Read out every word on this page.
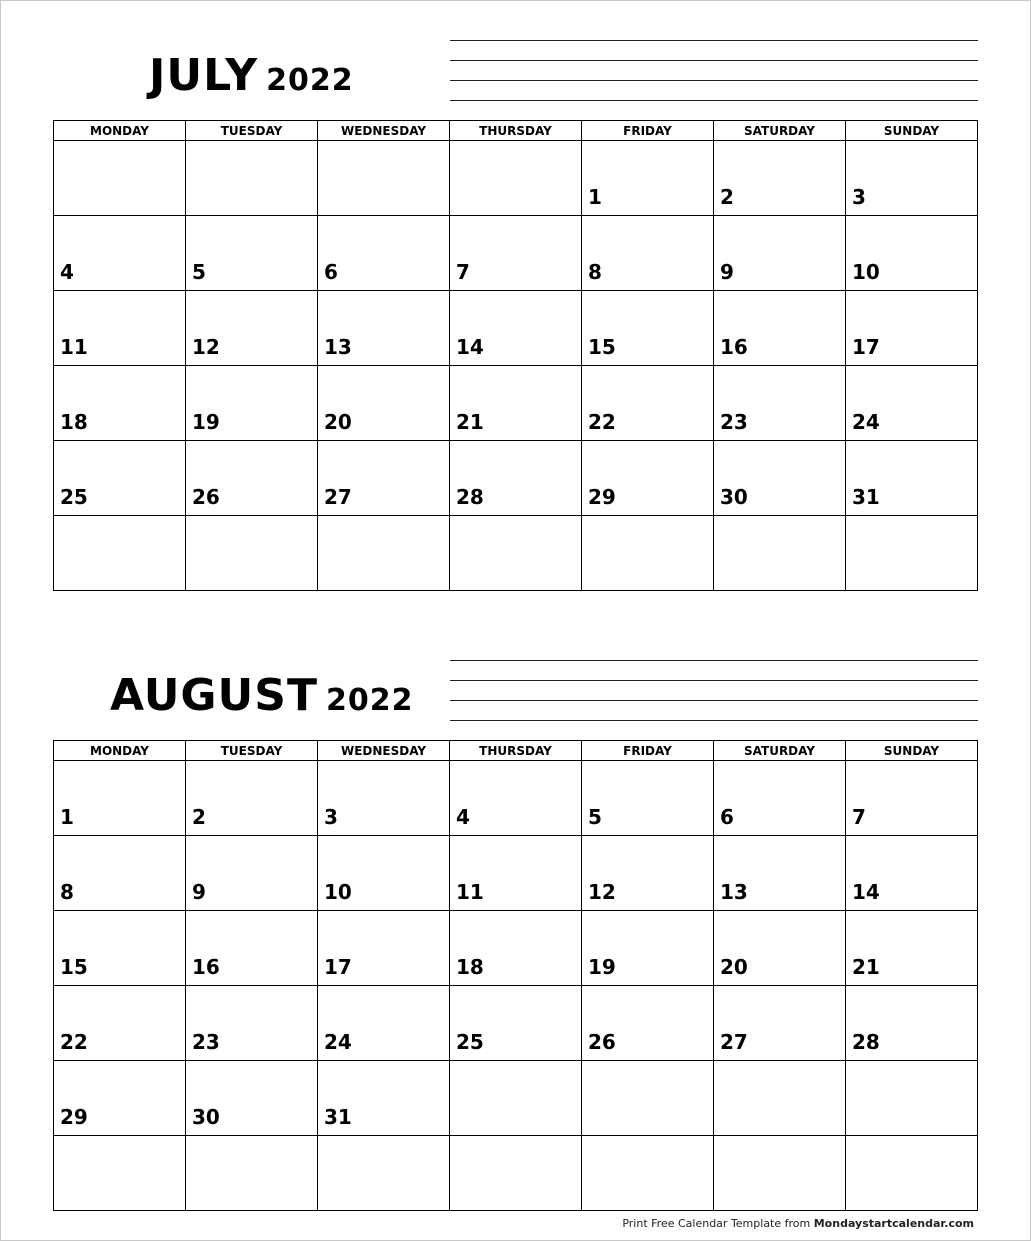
JULY 2022
MONDAY	TUESDAY	WEDNESDAY	THURSDAY	FRIDAY	SATURDAY	SUNDAY
				1	2	3
4	5	6	7	8	9	10
11	12	13	14	15	16	17
18	19	20	21	22	23	24
25	26	27	28	29	30	31

AUGUST 2022
MONDAY	TUESDAY	WEDNESDAY	THURSDAY	FRIDAY	SATURDAY	SUNDAY
1	2	3	4	5	6	7
8	9	10	11	12	13	14
15	16	17	18	19	20	21
22	23	24	25	26	27	28
29	30	31				

Print Free Calendar Template from Mondaystartcalendar.com
